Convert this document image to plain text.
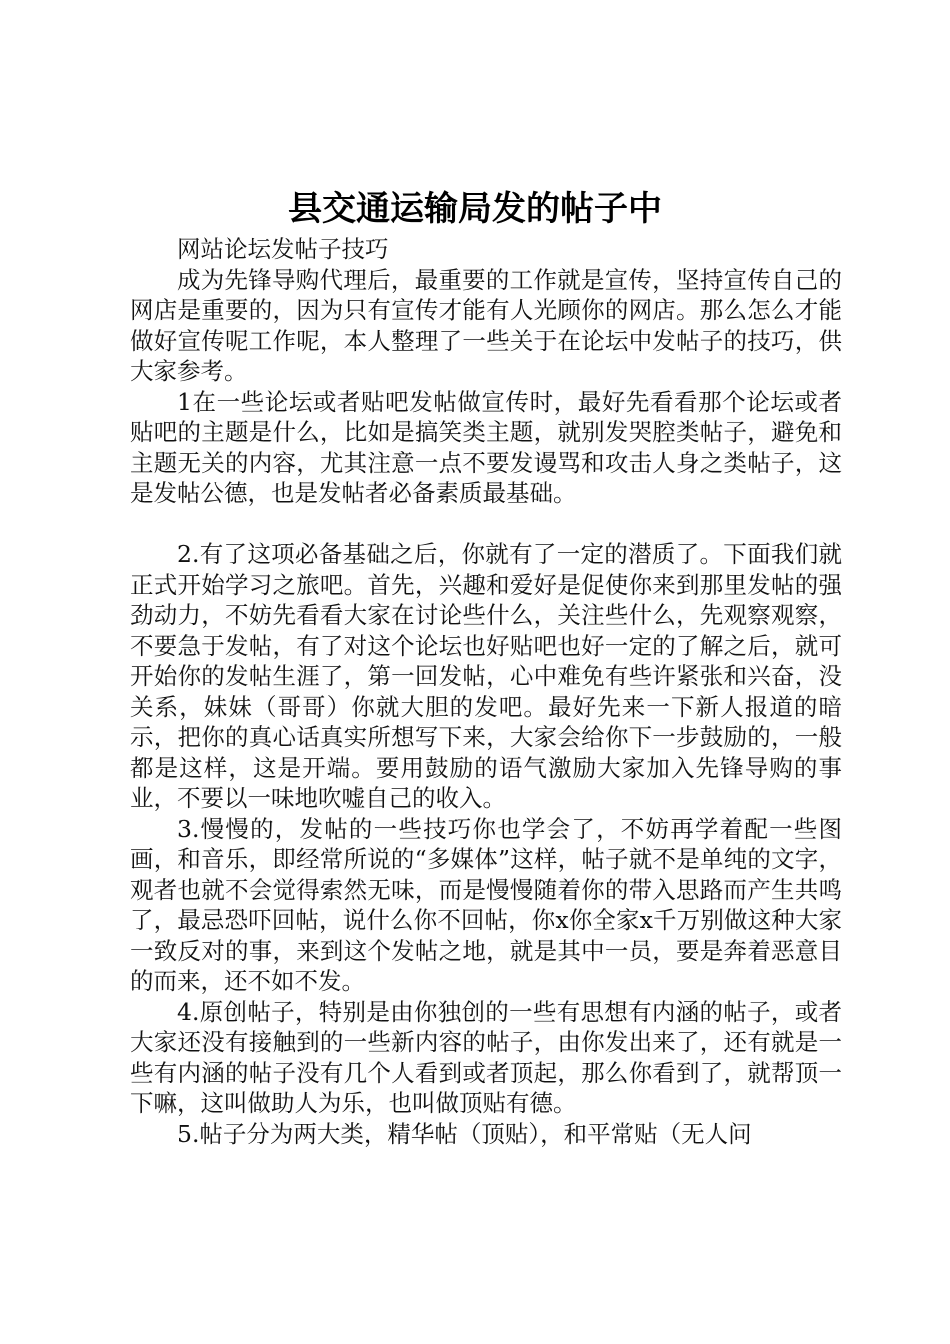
县交通运输局发的帖子中

网站论坛发帖子技巧

成为先锋导购代理后，最重要的工作就是宣传，坚持宣传自己的网店是重要的，因为只有宣传才能有人光顾你的网店。那么怎么才能做好宣传呢工作呢，本人整理了一些关于在论坛中发帖子的技巧，供大家参考。

1在一些论坛或者贴吧发帖做宣传时，最好先看看那个论坛或者贴吧的主题是什么，比如是搞笑类主题，就别发哭腔类帖子，避免和主题无关的内容，尤其注意一点不要发谩骂和攻击人身之类帖子，这是发帖公德，也是发帖者必备素质最基础。

2.有了这项必备基础之后，你就有了一定的潜质了。下面我们就正式开始学习之旅吧。首先，兴趣和爱好是促使你来到那里发帖的强劲动力，不妨先看看大家在讨论些什么，关注些什么，先观察观察，不要急于发帖，有了对这个论坛也好贴吧也好一定的了解之后，就可开始你的发帖生涯了，第一回发帖，心中难免有些许紧张和兴奋，没关系，妹妹（哥哥）你就大胆的发吧。最好先来一下新人报道的暗示，把你的真心话真实所想写下来，大家会给你下一步鼓励的，一般都是这样，这是开端。要用鼓励的语气激励大家加入先锋导购的事业，不要以一味地吹嘘自己的收入。

3.慢慢的，发帖的一些技巧你也学会了，不妨再学着配一些图画，和音乐，即经常所说的“多媒体”这样，帖子就不是单纯的文字，观者也就不会觉得索然无味，而是慢慢随着你的带入思路而产生共鸣了，最忌恐吓回帖，说什么你不回帖，你x你全家x千万别做这种大家一致反对的事，来到这个发帖之地，就是其中一员，要是奔着恶意目的而来，还不如不发。

4.原创帖子，特别是由你独创的一些有思想有内涵的帖子，或者大家还没有接触到的一些新内容的帖子，由你发出来了，还有就是一些有内涵的帖子没有几个人看到或者顶起，那么你看到了，就帮顶一下嘛，这叫做助人为乐，也叫做顶贴有德。

5.帖子分为两大类，精华帖（顶贴），和平常贴（无人问
